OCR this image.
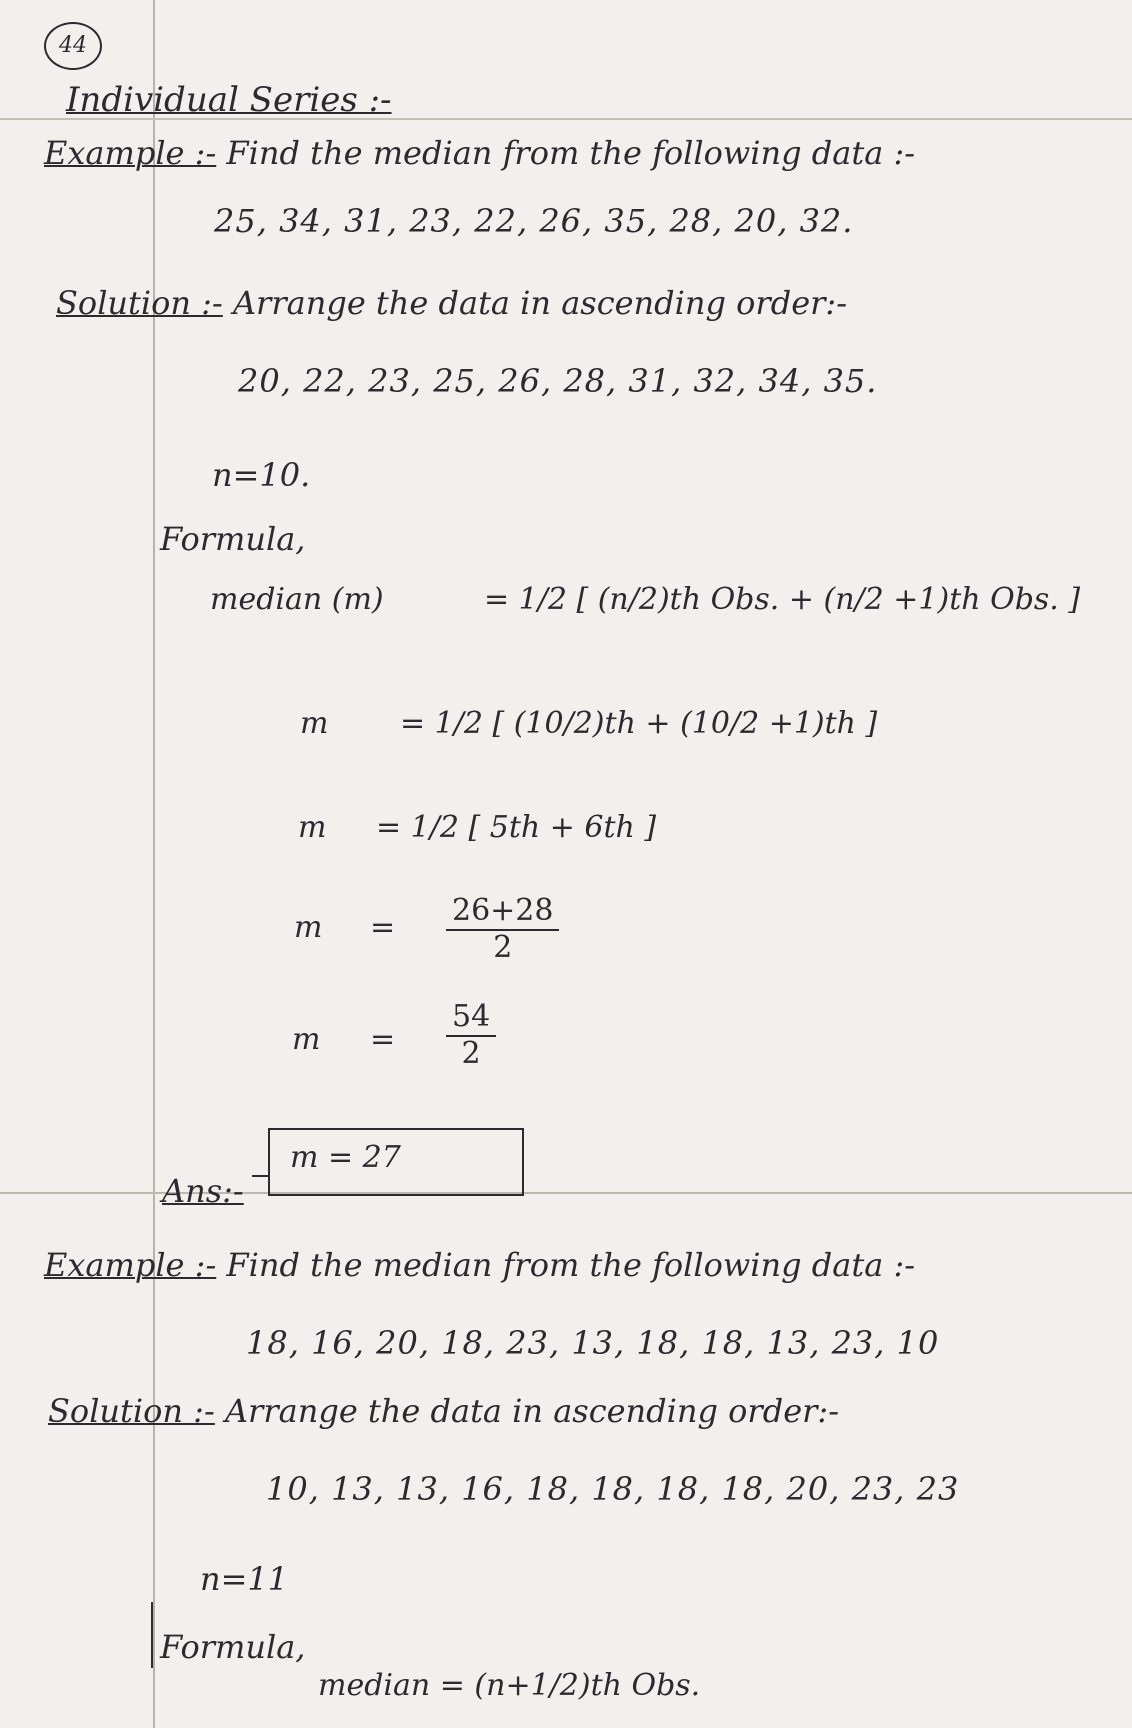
44
Individual Series :-
Example :- Find the median from the following data :-
25, 34, 31, 23, 22, 26, 35, 28, 20, 32.
Solution :- Arrange the data in ascending order:-
20, 22, 23, 25, 26, 28, 31, 32, 34, 35.
n=10.
Formula,
median (m)	= 1/2 [ (n/2)th Obs. + (n/2 +1)th Obs. ]
m = 1/2 [ (10/2)th + (10/2 +1)th ]
m = 1/2 [ 5th + 6th ]
$m = \frac{26+28}{2}$
$m = \frac{54}{2}$
m = 27
Ans:-
Example :- Find the median from the following data :-
18, 16, 20, 18, 23, 13, 18, 18, 13, 23, 10
Solution :- Arrange the data in ascending order:-
10, 13, 13, 16, 18, 18, 18, 18, 20, 23, 23
n=11
Formula,
median = (n+1/2)th Obs.
